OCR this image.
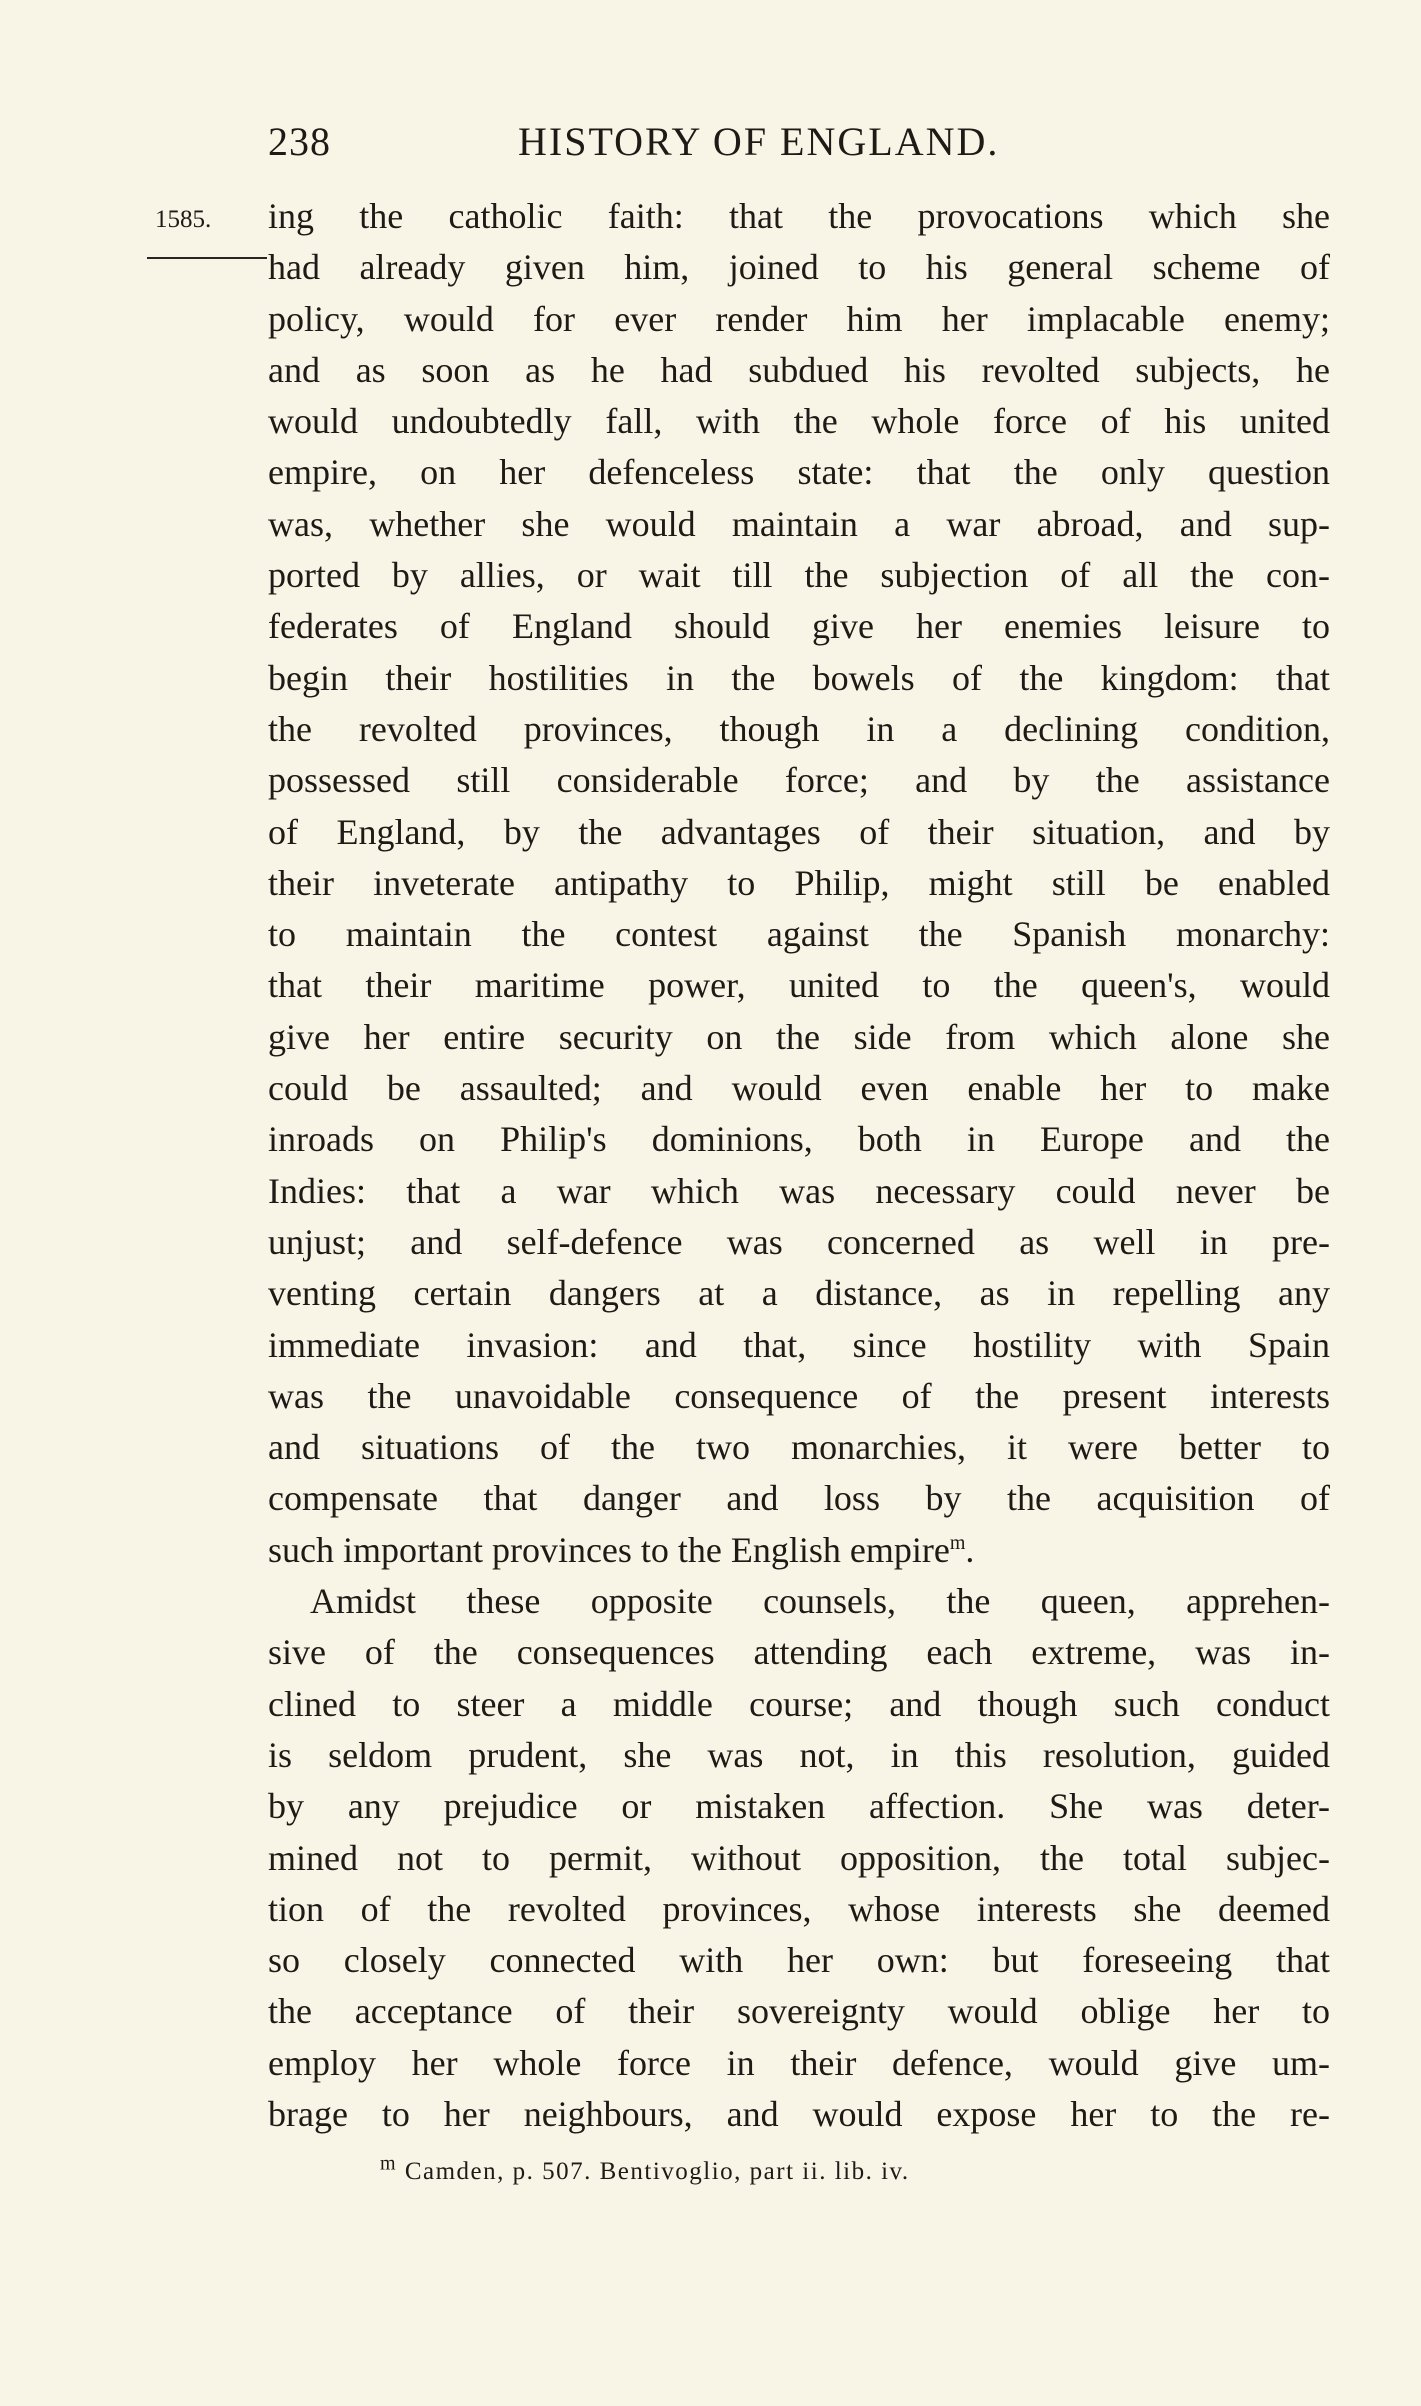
238	HISTORY OF ENGLAND.
1585. ing the catholic faith: that the provocations which she
had already given him, joined to his general scheme of
policy, would for ever render him her implacable enemy;
and as soon as he had subdued his revolted subjects, he
would undoubtedly fall, with the whole force of his united
empire, on her defenceless state: that the only question
was, whether she would maintain a war abroad, and sup-
ported by allies, or wait till the subjection of all the con-
federates of England should give her enemies leisure to
begin their hostilities in the bowels of the kingdom: that
the revolted provinces, though in a declining condition,
possessed still considerable force; and by the assistance
of England, by the advantages of their situation, and by
their inveterate antipathy to Philip, might still be enabled
to maintain the contest against the Spanish monarchy:
that their maritime power, united to the queen's, would
give her entire security on the side from which alone she
could be assaulted; and would even enable her to make
inroads on Philip's dominions, both in Europe and the
Indies: that a war which was necessary could never be
unjust; and self-defence was concerned as well in pre-
venting certain dangers at a distance, as in repelling any
immediate invasion: and that, since hostility with Spain
was the unavoidable consequence of the present interests
and situations of the two monarchies, it were better to
compensate that danger and loss by the acquisition of
such important provinces to the English empire$^m$.
Amidst these opposite counsels, the queen, apprehen-
sive of the consequences attending each extreme, was in-
clined to steer a middle course; and though such conduct
is seldom prudent, she was not, in this resolution, guided
by any prejudice or mistaken affection. She was deter-
mined not to permit, without opposition, the total subjec-
tion of the revolted provinces, whose interests she deemed
so closely connected with her own: but foreseeing that
the acceptance of their sovereignty would oblige her to
employ her whole force in their defence, would give um-
brage to her neighbours, and would expose her to the re-
$^m$ Camden, p. 507. Bentivoglio, part ii. lib. iv.
